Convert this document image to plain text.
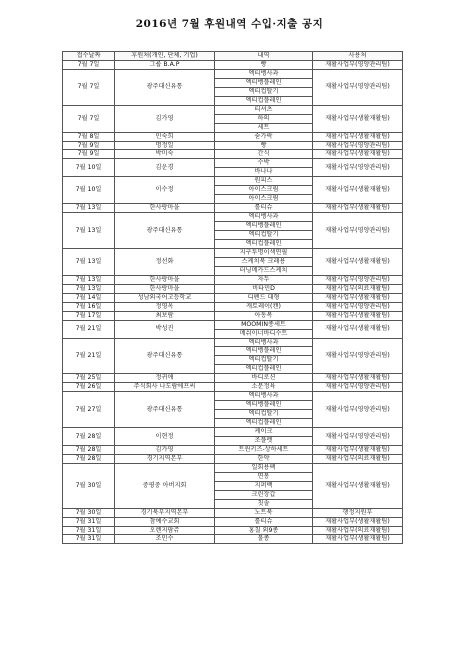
2016년 7월 후원내역 수입·지출 공지
접수날짜	후원처(개인, 단체, 기업)	내역	사용처
7월 7일	그룹 B.A.P	빵	재활사업부(영양관리팀)
7월 7일	광주대신유통	엑티벵사과	재활사업부(영양관리팀)
		엑티벵플레인	
		엑티컵딸기	
		엑티컵플레인	
7월 7일	김가영	티셔츠	재활사업부(생활재활팀)
		하의	
		세트	
7월 8일	민숙희	숟가락	재활사업부(생활재활팀)
7월 9일	명정일	빵	재활사업부(영양관리팀)
7월 9일	박미숙	간식	재활사업부(생활재활팀)
7월 10일	김운경	수박	재활사업부(영양관리팀)
		바나나	
7월 10일	이수정	원피스	재활사업부(생활재활팀)
		아이스크림	
		아이스크림	
7월 13일	한사랑마을	롤티슈	재활사업부(생활재활팀)
7월 13일	광주대신유통	엑티벵사과	재활사업부(영양관리팀)
		엑티벵플레인	
		엑티컵딸기	
		엑티컵플레인	
7월 13일	정선화	지구투명이색연필	재활사업부(생활재활팀)
		스케치북 크레용	
		터닝메카드스케치	
7월 13일	한사랑마을	자두	재활사업부(영양관리팀)
7월 13일	한사랑마을	비타민D	재활사업부(의료재활팀)
7월 14일	성남외국어고등학교	디펜드 대형	재활사업부(생활재활팀)
7월 16일	정영옥	캐토레이(캔)	재활사업부(영양관리팀)
7월 17일	최보람	아동복	재활사업부(생활재활팀)
7월 21일	박성진	MOOMIN종세트	재활사업부(생활재활팀)
		메쉬이너바디수트	
7월 21일	광주대신유통	엑티벵사과	재활사업부(영양관리팀)
		엑티벵플레인	
		엑티컵딸기	
		엑티컵플레인	
7월 25일	정귀애	바디로션	재활사업부(생활재활팀)
7월 26일	주식회사 나도람에프씨	소분정육	재활사업부(영양관리팀)
7월 27일	광주대신유통	엑티벵사과	재활사업부(영양관리팀)
		엑티벵플레인	
		엑티컵딸기	
		엑티컵플레인	
7월 28일	이현정	케이크	재활사업부(영양관리팀)
		조플렛	
7월 28일	김가영	트윈키즈-상하세트	재활사업부(생활재활팀)
7월 28일	경기지역본부	한약	재활사업부(의료재활팀)
7월 30일	중평중 아버지회	일회용팩	재활사업부(생활재활팀)
		면봉	
		지퍼백	
		크린장갑	
		칫솔	
7월 30일	경기북부지역본부	노트북	행정지원부
7월 31일	참예수교회	롤티슈	재활사업부(생활재활팀)
7월 31일	오렌지팜쥬	홍칠 외9종	재활사업부(의료재활팀)
7월 31일	조민수	물종	재활사업부(생활재활팀)
